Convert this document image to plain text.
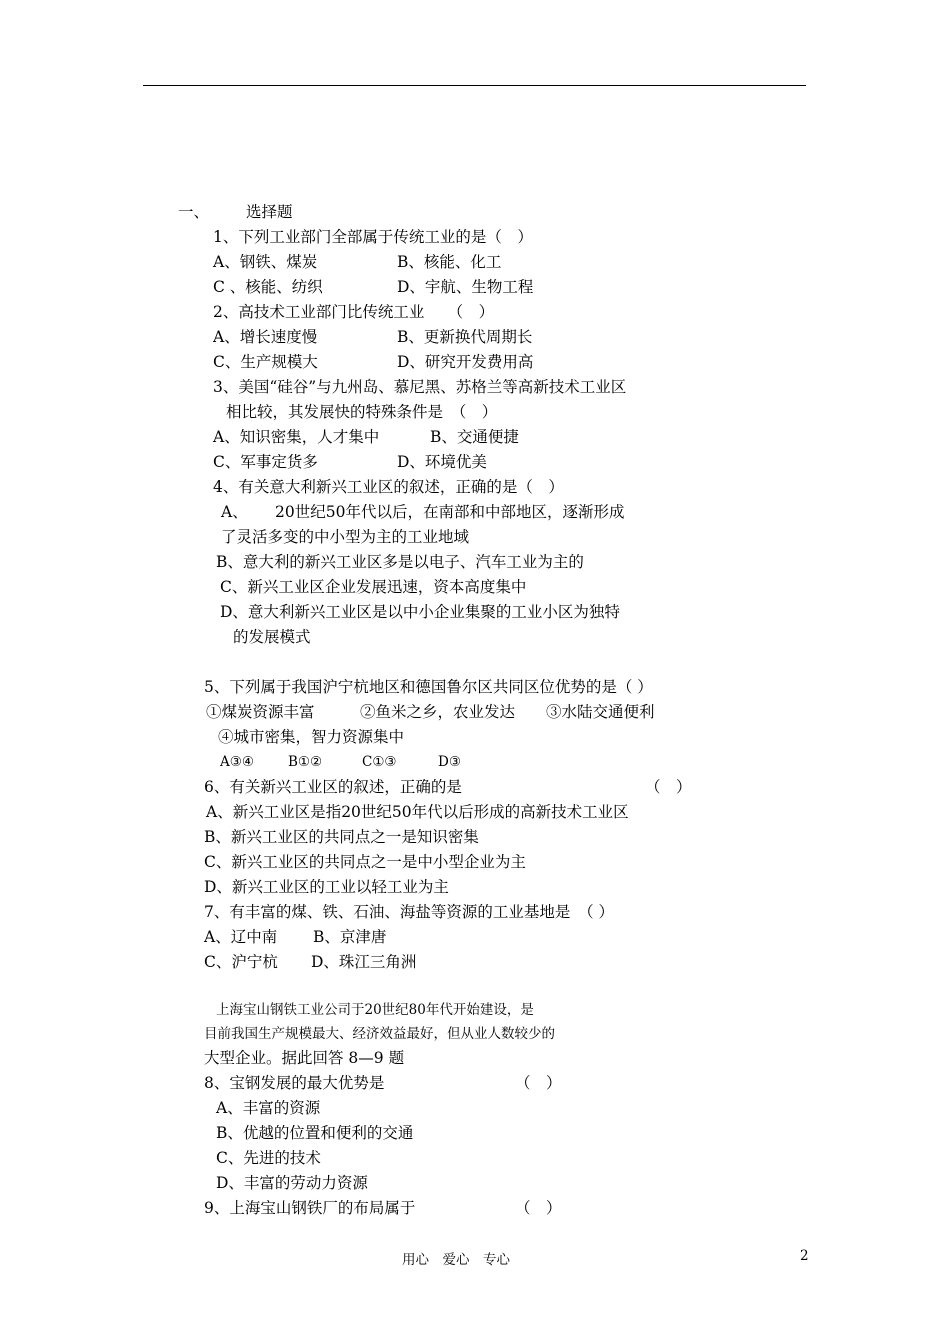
一、 选择题
1、下列工业部门全部属于传统工业的是（　）
A、钢铁、煤炭	B、核能、化工
C 、核能、纺织	D、宇航、生物工程
2、高技术工业部门比传统工业　　（　）
A、增长速度慢	B、更新换代周期长
C、生产规模大	D、研究开发费用高
3、美国“硅谷”与九州岛、慕尼黑、苏格兰等高新技术工业区
相比较，其发展快的特殊条件是　（　）
A、知识密集，人才集中	B、交通便捷
C、军事定货多	D、环境优美
4、有关意大利新兴工业区的叙述，正确的是（　）
A、 20世纪50年代以后，在南部和中部地区，逐渐形成
了灵活多变的中小型为主的工业地域
B、意大利的新兴工业区多是以电子、汽车工业为主的
C、新兴工业区企业发展迅速，资本高度集中
D、意大利新兴工业区是以中小企业集聚的工业小区为独特
的发展模式
5、下列属于我国沪宁杭地区和德国鲁尔区共同区位优势的是（ ）
①煤炭资源丰富	②鱼米之乡，农业发达 ③水陆交通便利
④城市密集，智力资源集中
A③④	B①②	C①③	D③
6、有关新兴工业区的叙述，正确的是	（　）
A、新兴工业区是指20世纪50年代以后形成的高新技术工业区
B、新兴工业区的共同点之一是知识密集
C、新兴工业区的共同点之一是中小型企业为主
D、新兴工业区的工业以轻工业为主
7、有丰富的煤、铁、石油、海盐等资源的工业基地是　（ ）
A、辽中南 B、京津唐
C、沪宁杭 D、珠江三角洲
上海宝山钢铁工业公司于20世纪80年代开始建设，是
目前我国生产规模最大、经济效益最好，但从业人数较少的
大型企业。据此回答 8—9 题
8、宝钢发展的最大优势是	（　）
A、丰富的资源
B、优越的位置和便利的交通
C、先进的技术
D、丰富的劳动力资源
9、上海宝山钢铁厂的布局属于	（　）
用心　爱心　专心	2
